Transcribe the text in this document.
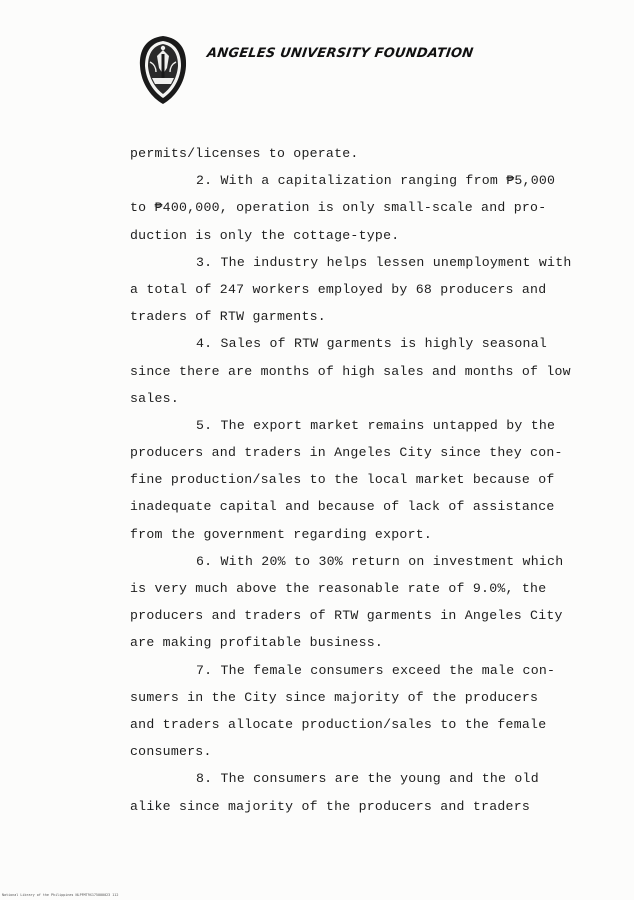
ANGELES UNIVERSITY FOUNDATION
permits/licenses to operate.
2. With a capitalization ranging from ₱5,000
to ₱400,000, operation is only small-scale and pro-
duction is only the cottage-type.
3. The industry helps lessen unemployment with
a total of 247 workers employed by 68 producers and
traders of RTW garments.
4. Sales of RTW garments is highly seasonal
since there are months of high sales and months of low
sales.
5. The export market remains untapped by the
producers and traders in Angeles City since they con-
fine production/sales to the local market because of
inadequate capital and because of lack of assistance
from the government regarding export.
6. With 20% to 30% return on investment which
is very much above the reasonable rate of 9.0%, the
producers and traders of RTW garments in Angeles City
are making profitable business.
7. The female consumers exceed the male con-
sumers in the City since majority of the producers
and traders allocate production/sales to the female
consumers.
8. The consumers are the young and the old
alike since majority of the producers and traders
National Library of the Philippines NLPFMT9X175000023 112
